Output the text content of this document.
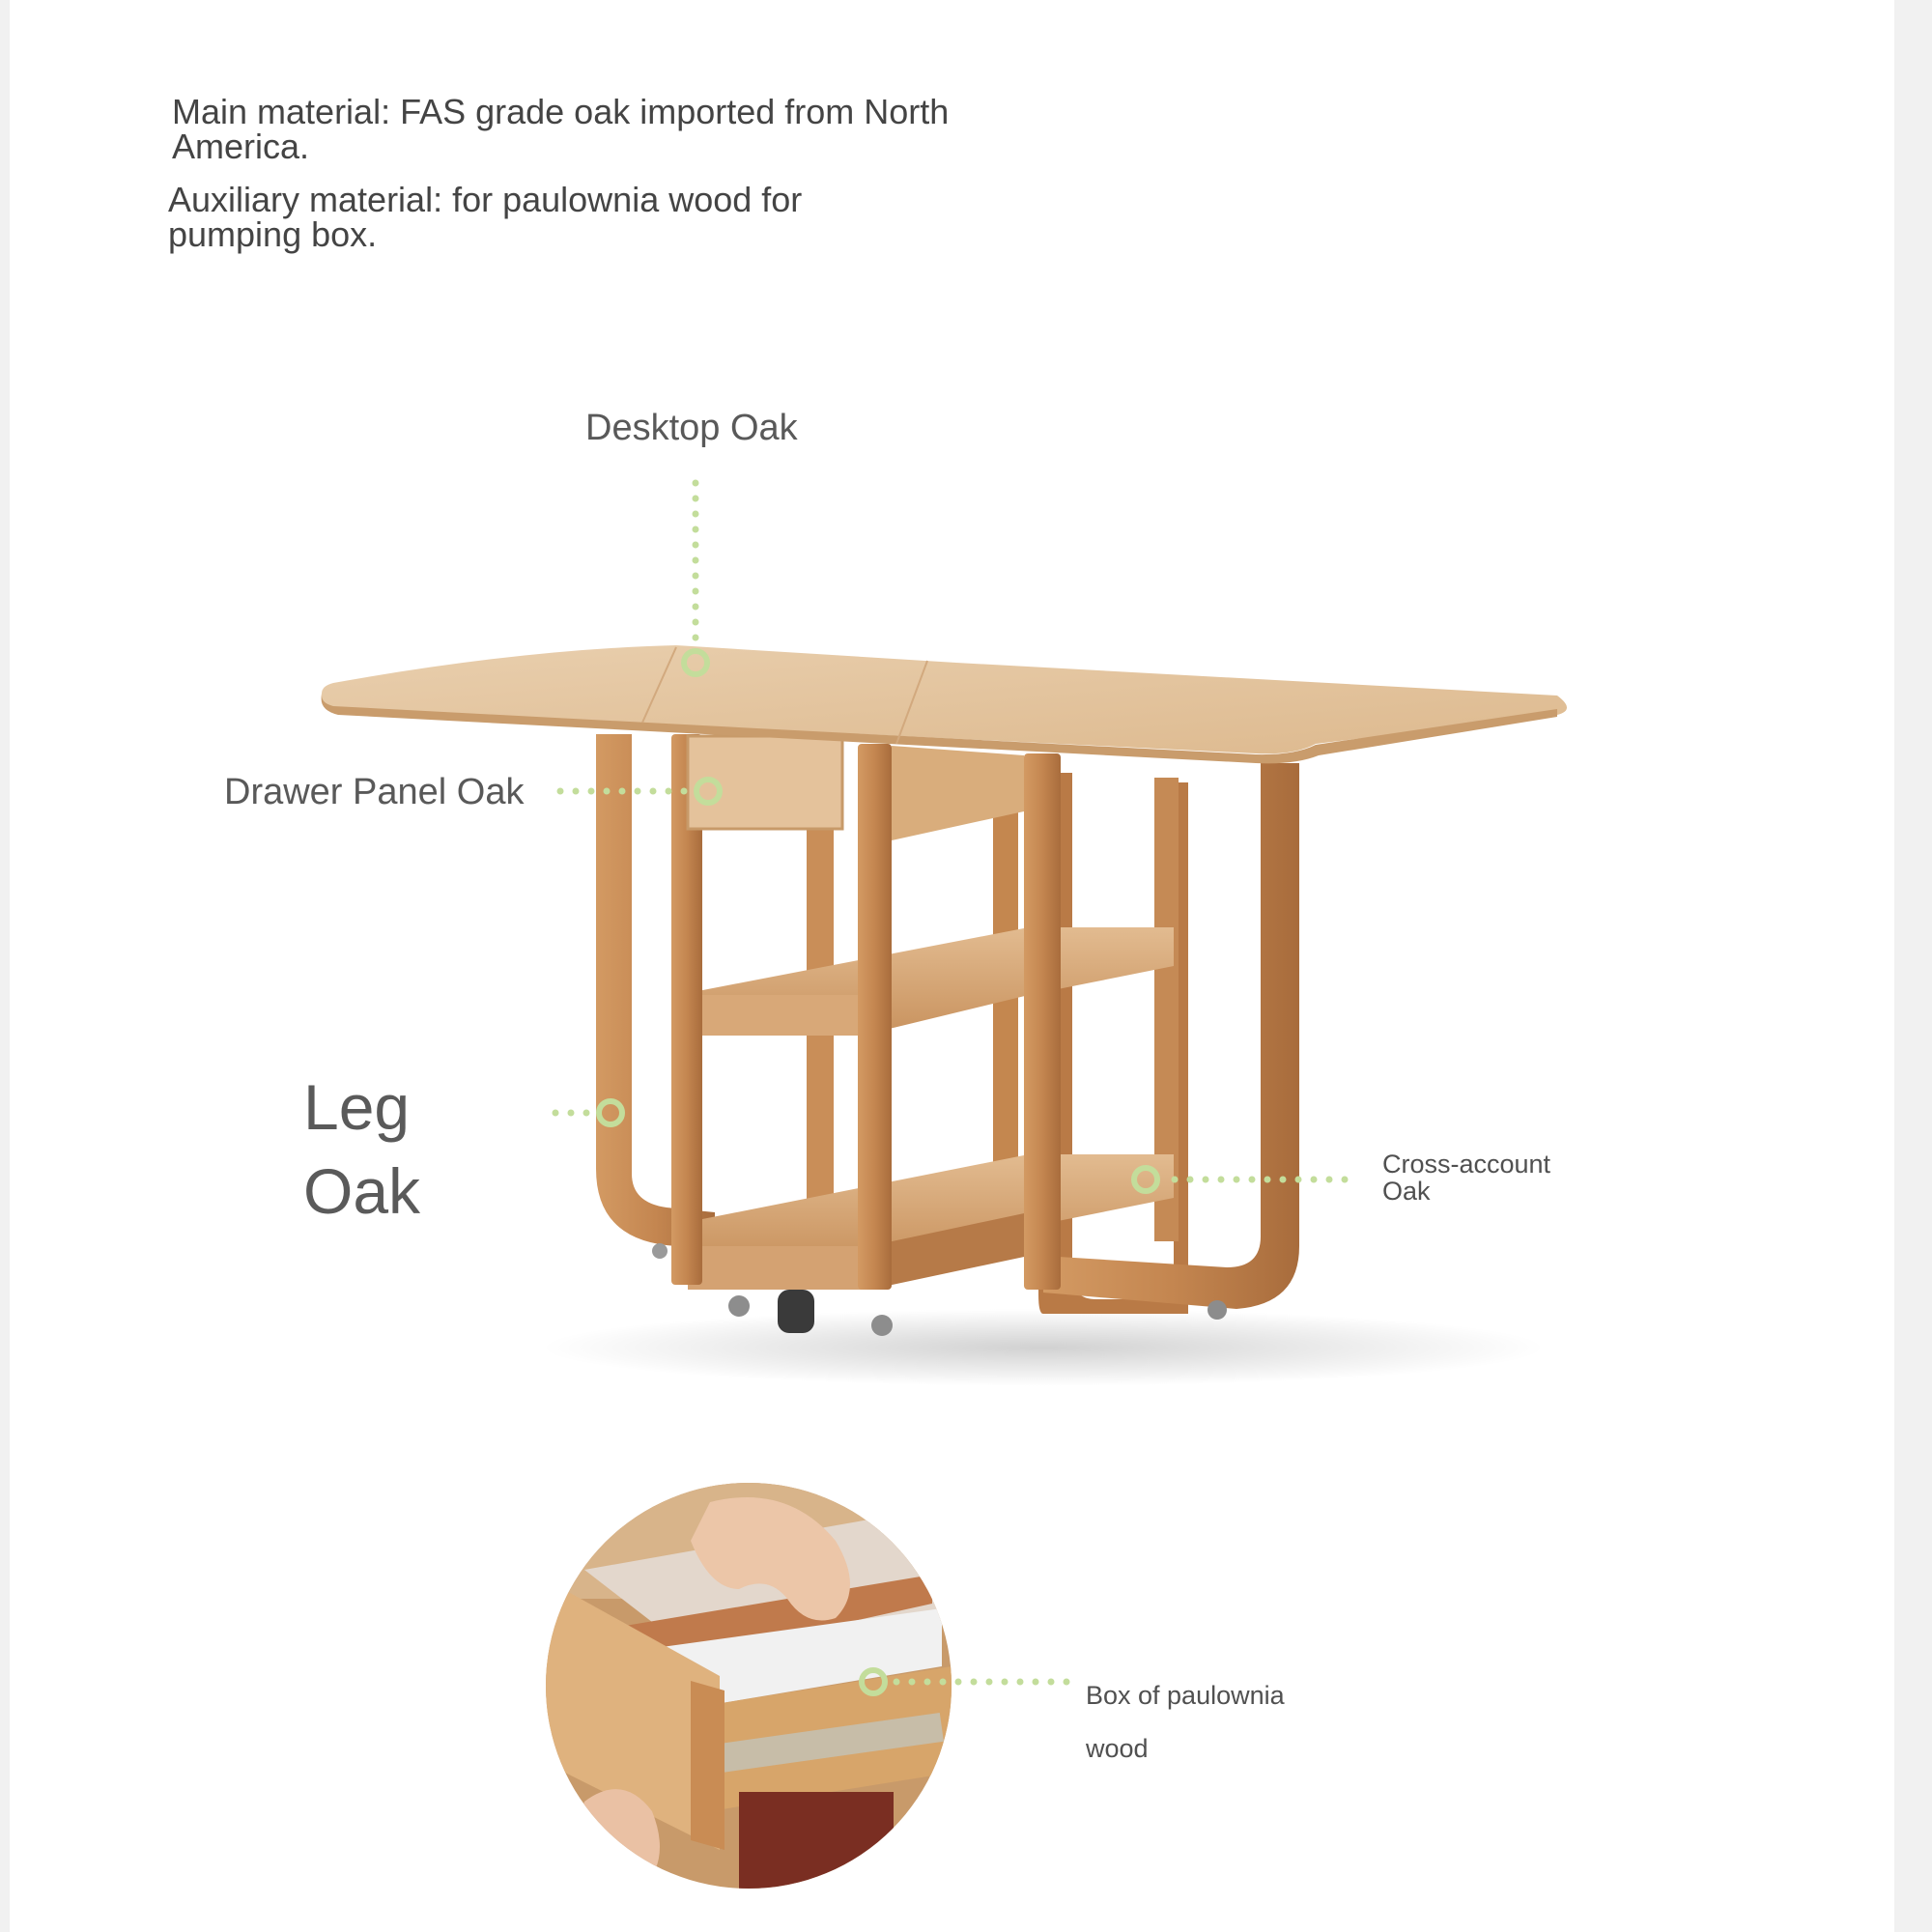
Main material: FAS grade oak imported from North America.

Auxiliary material: for paulownia wood for pumping box.

Desktop Oak
Drawer Panel Oak
Leg
Oak	Cross-account
Oak
Box of paulownia
wood
